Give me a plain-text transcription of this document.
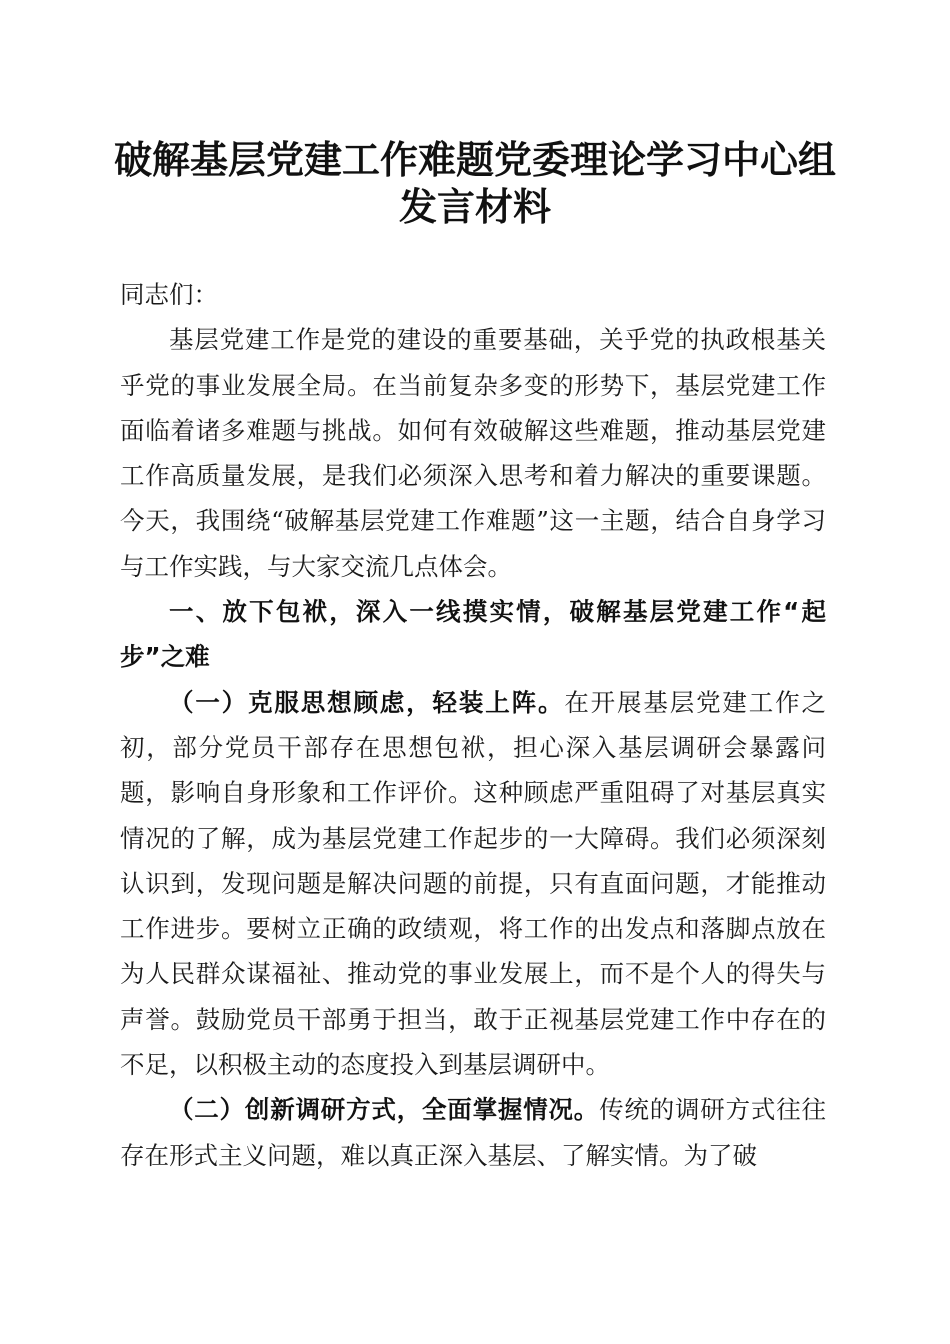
破解基层党建工作难题党委理论学习中心组发言材料

同志们：

基层党建工作是党的建设的重要基础，关乎党的执政根基关乎党的事业发展全局。在当前复杂多变的形势下，基层党建工作面临着诸多难题与挑战。如何有效破解这些难题，推动基层党建工作高质量发展，是我们必须深入思考和着力解决的重要课题。今天，我围绕“破解基层党建工作难题”这一主题，结合自身学习与工作实践，与大家交流几点体会。

一、放下包袱，深入一线摸实情，破解基层党建工作“起步”之难

（一）克服思想顾虑，轻装上阵。在开展基层党建工作之初，部分党员干部存在思想包袱，担心深入基层调研会暴露问题，影响自身形象和工作评价。这种顾虑严重阻碍了对基层真实情况的了解，成为基层党建工作起步的一大障碍。我们必须深刻认识到，发现问题是解决问题的前提，只有直面问题，才能推动工作进步。要树立正确的政绩观，将工作的出发点和落脚点放在为人民群众谋福祉、推动党的事业发展上，而不是个人的得失与声誉。鼓励党员干部勇于担当，敢于正视基层党建工作中存在的不足，以积极主动的态度投入到基层调研中。

（二）创新调研方式，全面掌握情况。传统的调研方式往往存在形式主义问题，难以真正深入基层、了解实情。为了破
